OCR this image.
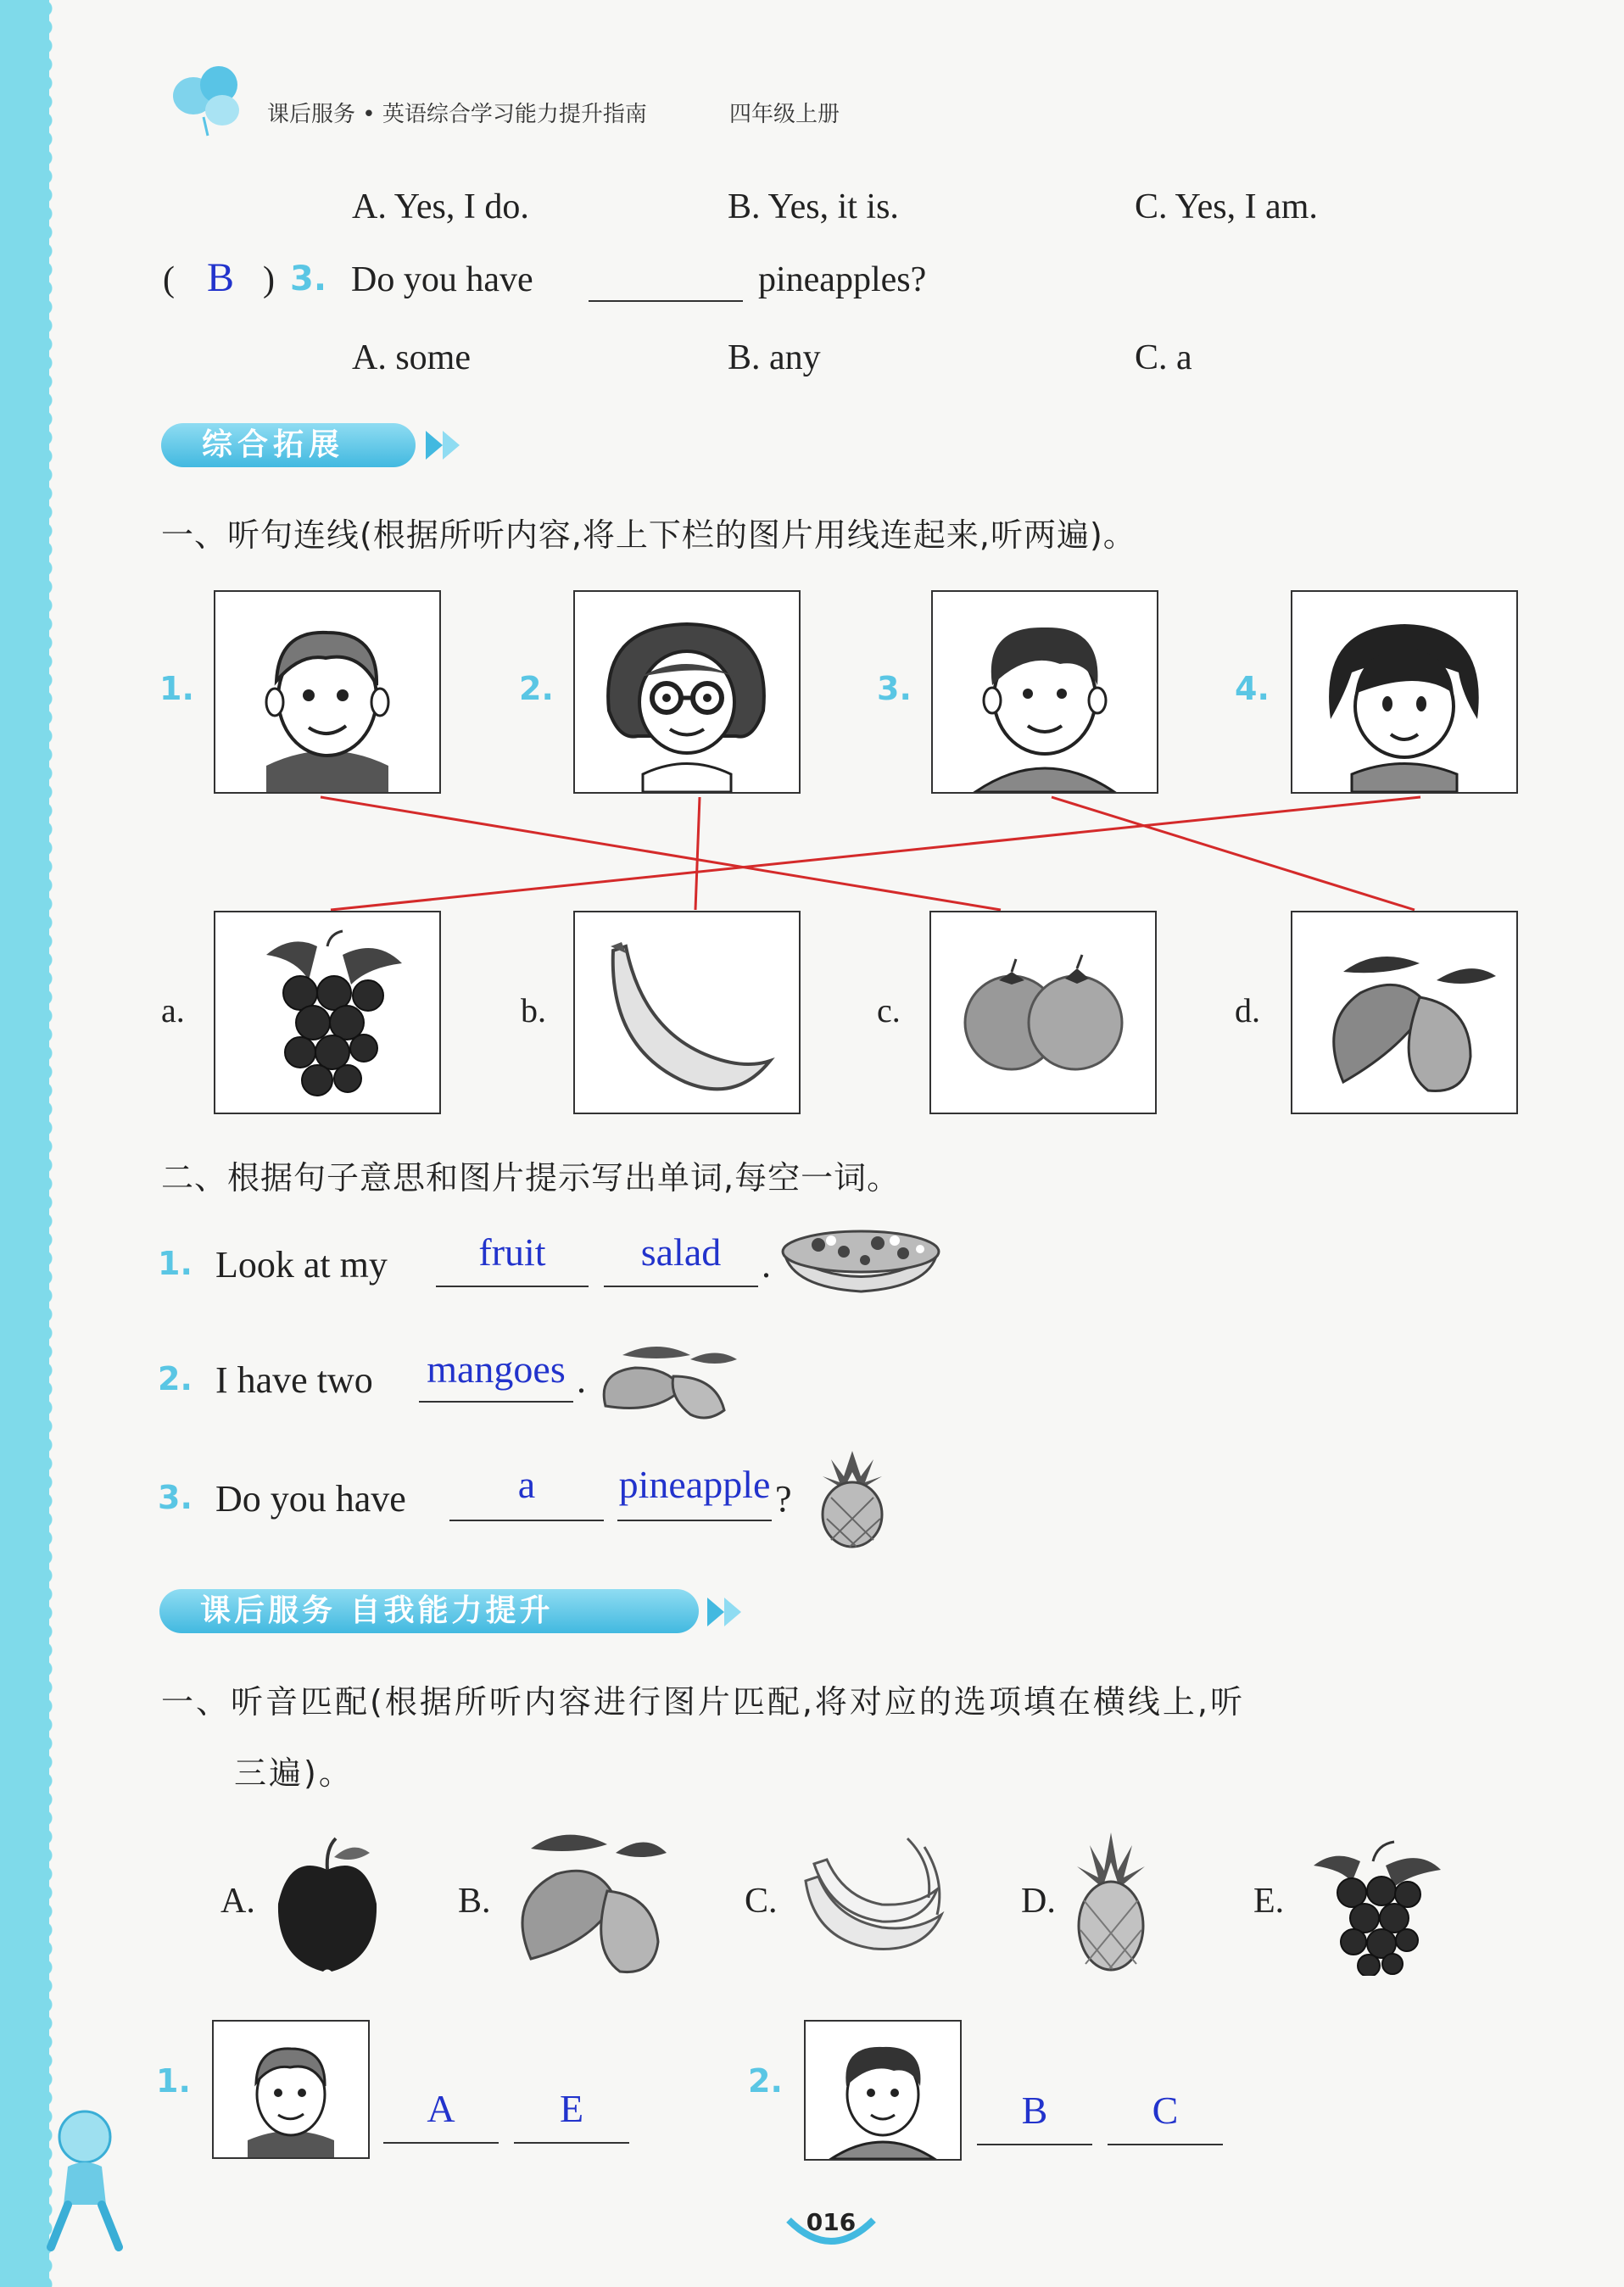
课后服务 • 英语综合学习能力提升指南	四年级上册
A. Yes, I do.	B. Yes, it is.	C. Yes, I am.
( B ) 3. Do you have	pineapples?
A. some	B. any	C. a
综合拓展
一、听句连线(根据所听内容,将上下栏的图片用线连起来,听两遍)。
1.	2.	3.	4.
a.	b.	c.	d.
二、根据句子意思和图片提示写出单词,每空一词。
1. Look at my	fruit	salad	.
2. I have two mangoes .
3. Do you have	a	pineapple ?
课后服务 自我能力提升
一、听音匹配(根据所听内容进行图片匹配,将对应的选项填在横线上,听
三遍)。
A.	B.	C.	D.	E.
1.
A	E
2.
B	C
016
